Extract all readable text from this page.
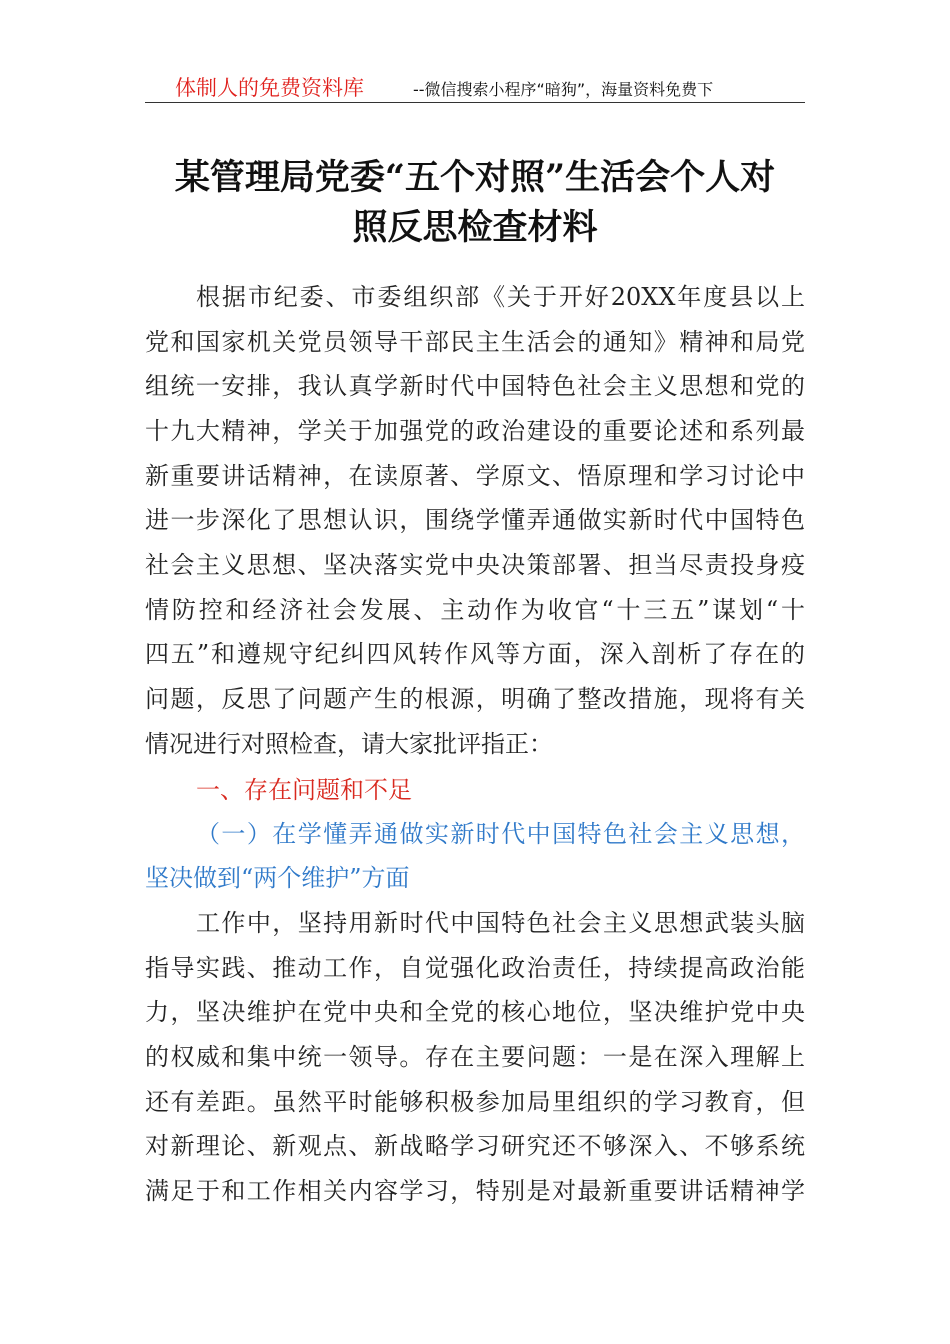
体制人的免费资料库	--微信搜索小程序“暗狗”，海量资料免费下
某管理局党委“五个对照”生活会个人对
照反思检查材料
根据市纪委、市委组织部《关于开好20XX年度县以上
党和国家机关党员领导干部民主生活会的通知》精神和局党
组统一安排，我认真学新时代中国特色社会主义思想和党的
十九大精神，学关于加强党的政治建设的重要论述和系列最
新重要讲话精神，在读原著、学原文、悟原理和学习讨论中
进一步深化了思想认识，围绕学懂弄通做实新时代中国特色
社会主义思想、坚决落实党中央决策部署、担当尽责投身疫
情防控和经济社会发展、主动作为收官“十三五”谋划“十
四五”和遵规守纪纠四风转作风等方面，深入剖析了存在的
问题，反思了问题产生的根源，明确了整改措施，现将有关
情况进行对照检查，请大家批评指正：
一、存在问题和不足
（一）在学懂弄通做实新时代中国特色社会主义思想，
坚决做到“两个维护”方面
工作中，坚持用新时代中国特色社会主义思想武装头脑
指导实践、推动工作，自觉强化政治责任，持续提高政治能
力，坚决维护在党中央和全党的核心地位，坚决维护党中央
的权威和集中统一领导。存在主要问题：一是在深入理解上
还有差距。虽然平时能够积极参加局里组织的学习教育，但
对新理论、新观点、新战略学习研究还不够深入、不够系统
满足于和工作相关内容学习，特别是对最新重要讲话精神学
